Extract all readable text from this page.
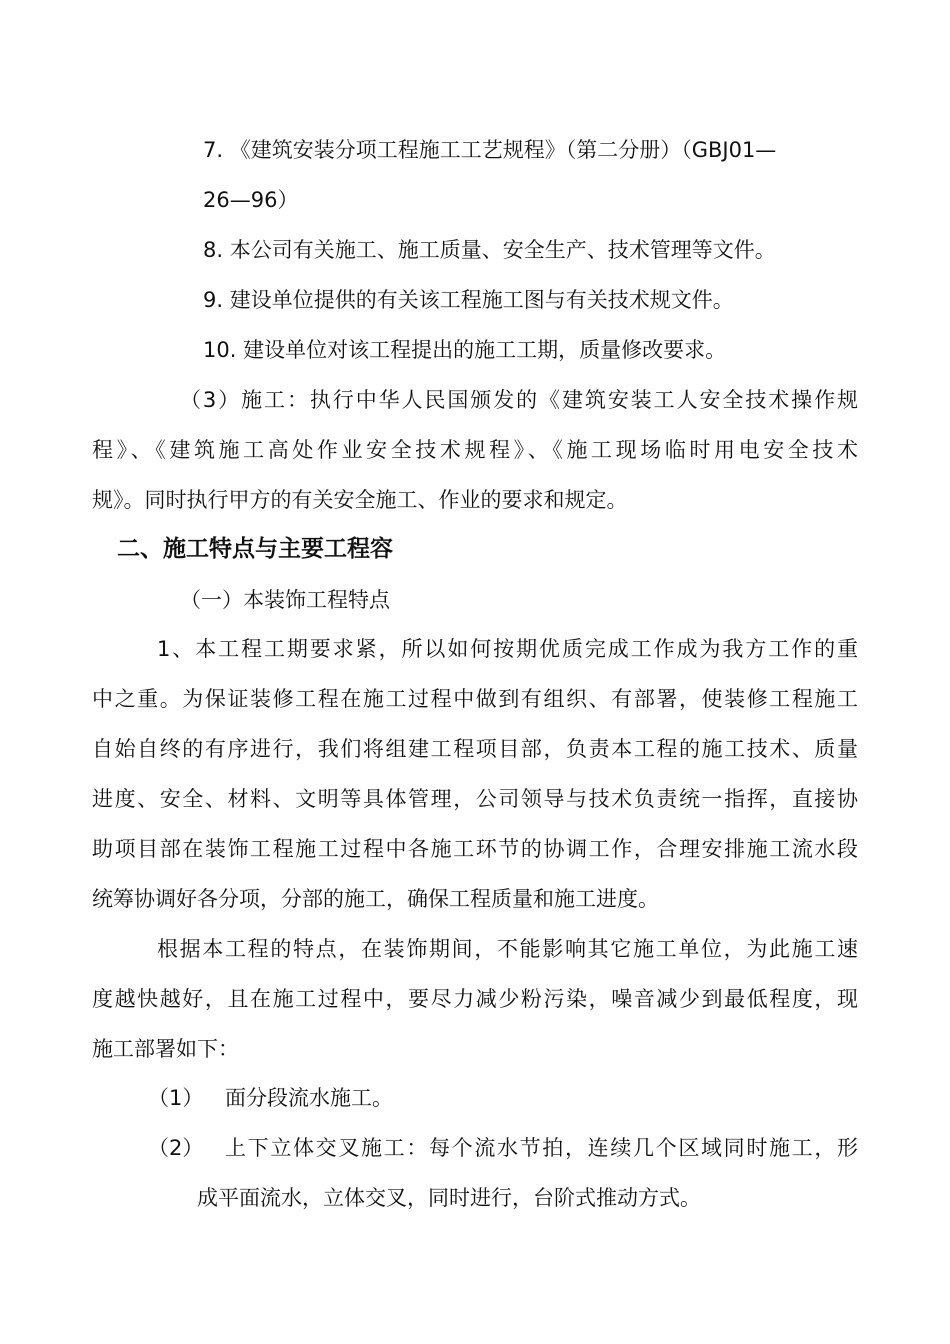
7. 《建筑安装分项工程施工工艺规程》（第二分册）（GBJ01—
26—96）
8. 本公司有关施工、施工质量、安全生产、技术管理等文件。
9. 建设单位提供的有关该工程施工图与有关技术规文件。
10. 建设单位对该工程提出的施工工期，质量修改要求。
（3）施工：执行中华人民国颁发的《建筑安装工人安全技术操作规
程》、《建筑施工高处作业安全技术规程》、《施工现场临时用电安全技术
规》。同时执行甲方的有关安全施工、作业的要求和规定。
二、施工特点与主要工程容
（一）本装饰工程特点
1、本工程工期要求紧，所以如何按期优质完成工作成为我方工作的重
中之重。为保证装修工程在施工过程中做到有组织、有部署，使装修工程施工
自始自终的有序进行，我们将组建工程项目部，负责本工程的施工技术、质量
进度、安全、材料、文明等具体管理，公司领导与技术负责统一指挥，直接协
助项目部在装饰工程施工过程中各施工环节的协调工作，合理安排施工流水段
统筹协调好各分项，分部的施工，确保工程质量和施工进度。
根据本工程的特点，在装饰期间，不能影响其它施工单位，为此施工速
度越快越好，且在施工过程中，要尽力减少粉污染，噪音减少到最低程度，现
施工部署如下：
（1） 面分段流水施工。
（2） 上下立体交叉施工：每个流水节拍，连续几个区域同时施工，形
成平面流水，立体交叉，同时进行，台阶式推动方式。
